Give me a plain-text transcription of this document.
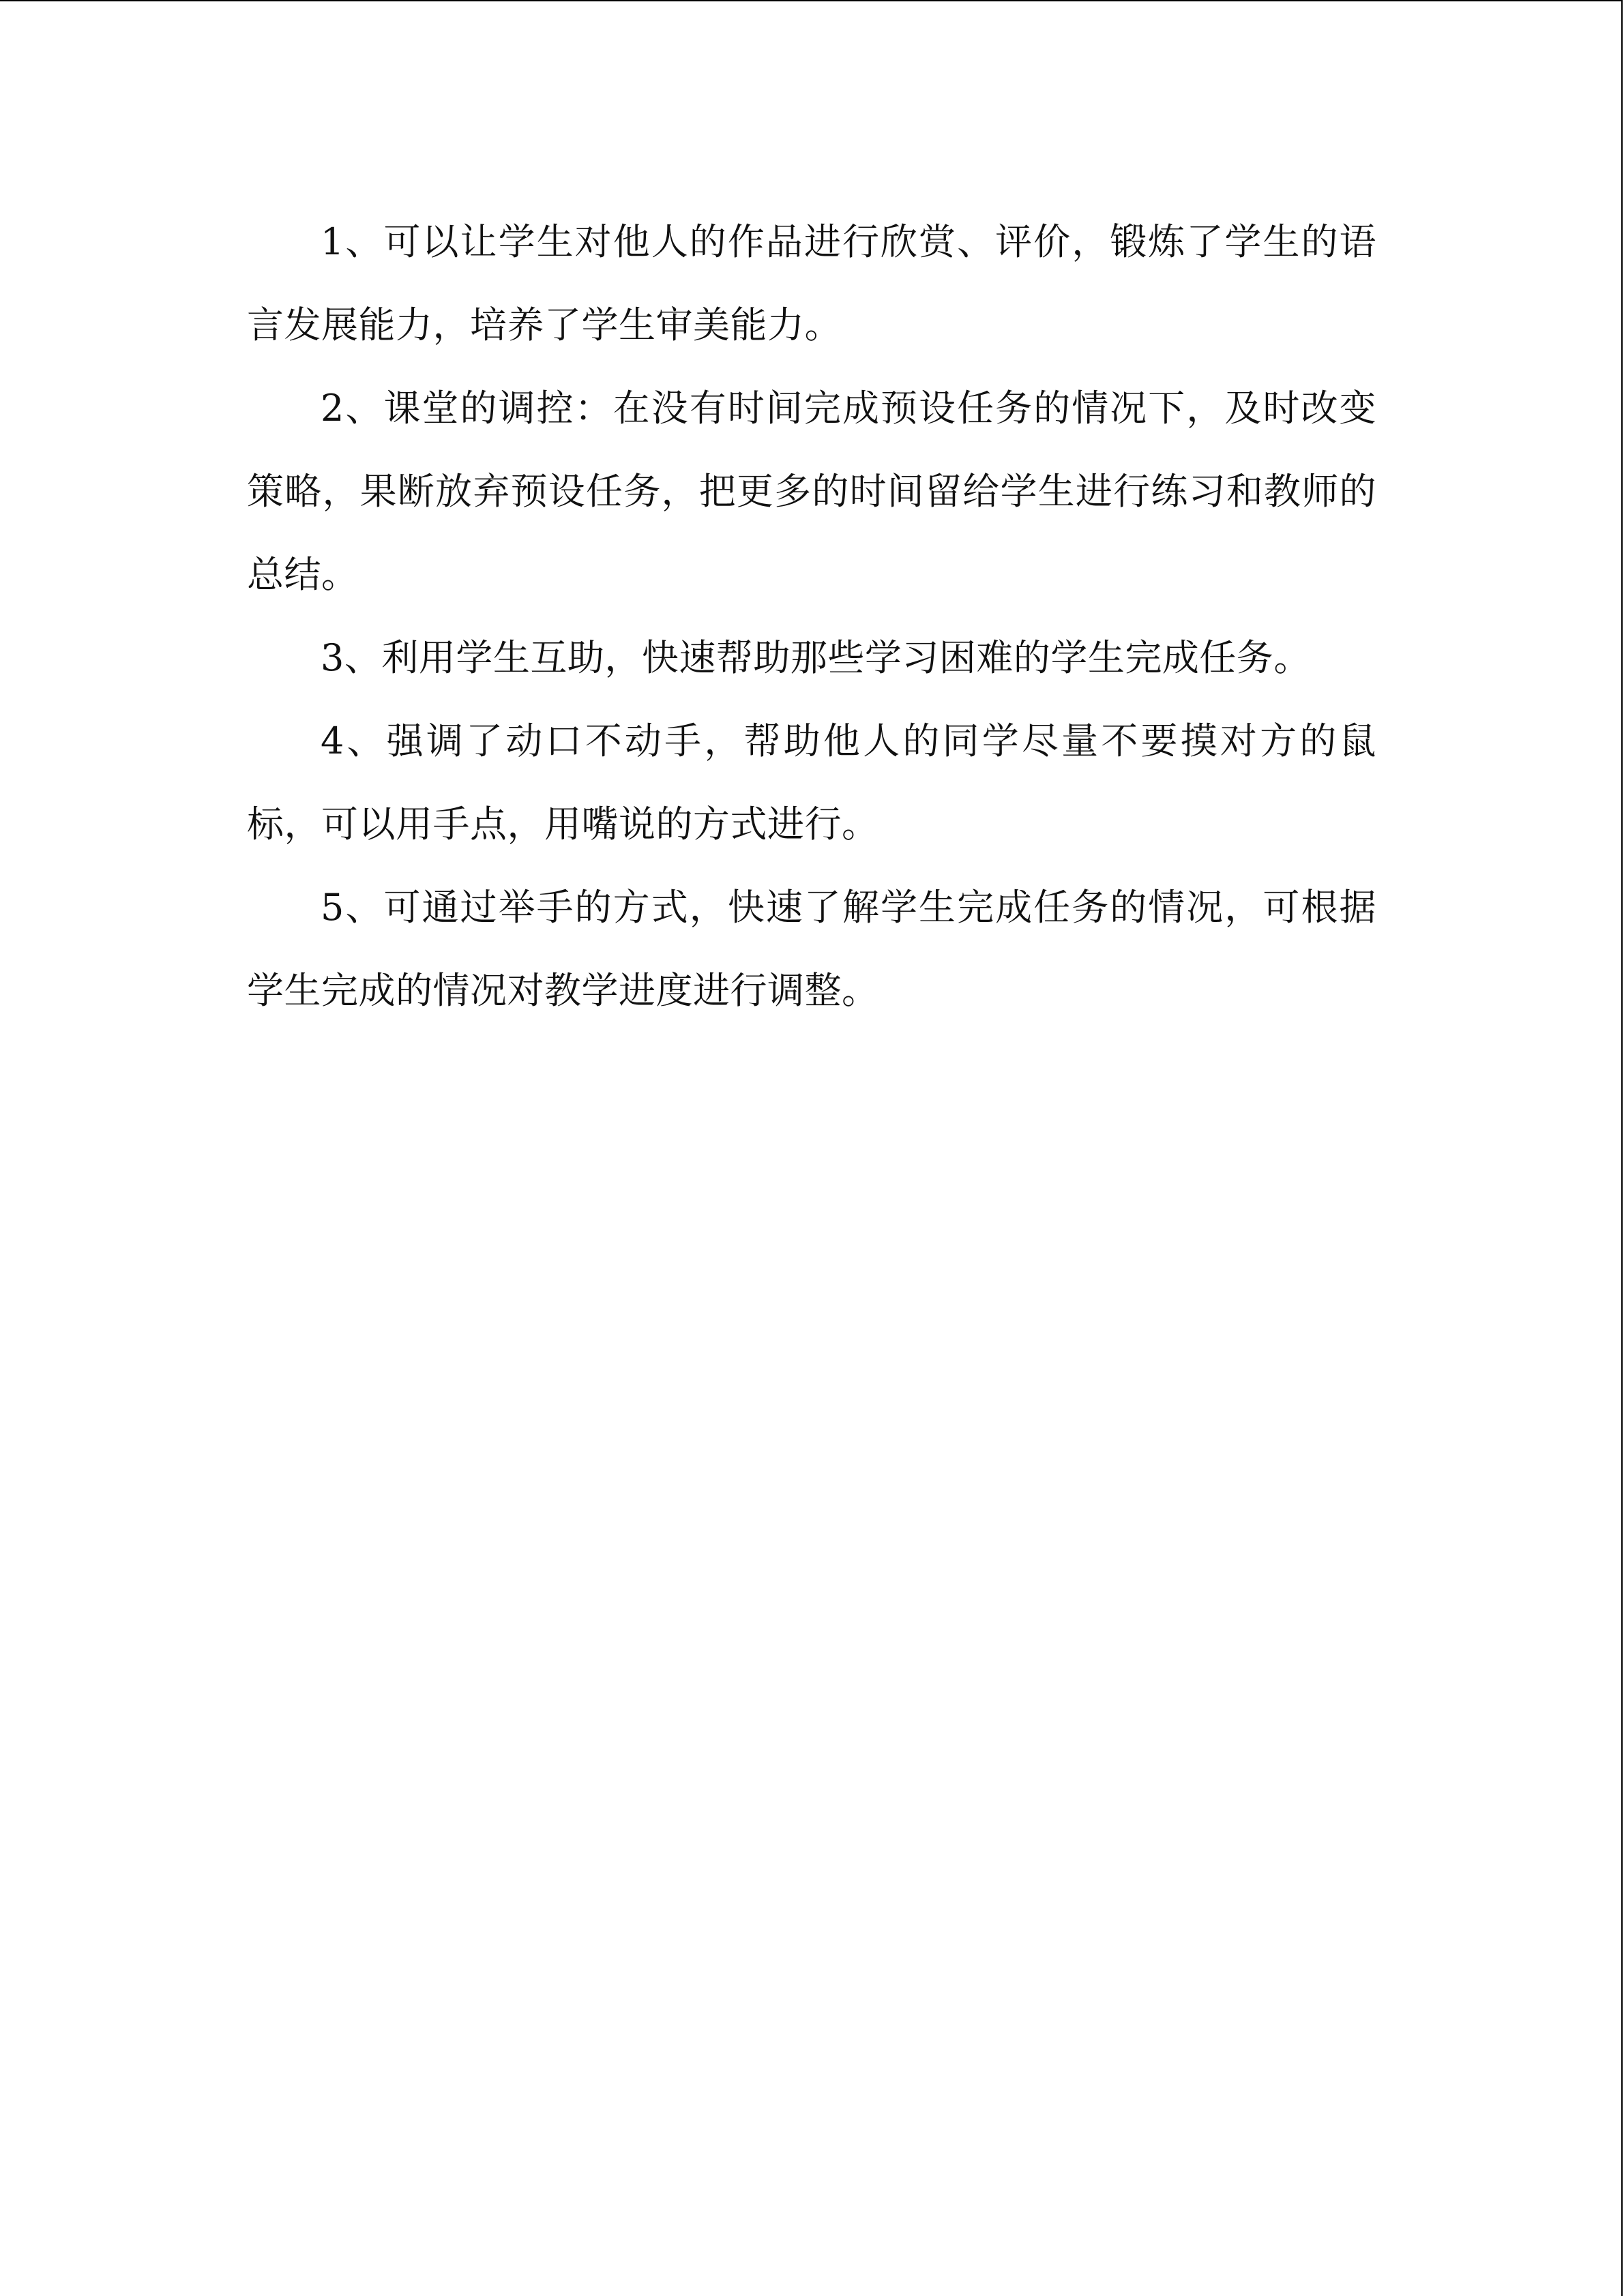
1、可以让学生对他人的作品进行欣赏、评价，锻炼了学生的语言发展能力，培养了学生审美能力。

2、课堂的调控：在没有时间完成预设任务的情况下，及时改变策略，果断放弃预设任务，把更多的时间留给学生进行练习和教师的总结。

3、利用学生互助，快速帮助那些学习困难的学生完成任务。

4、强调了动口不动手，帮助他人的同学尽量不要摸对方的鼠标，可以用手点，用嘴说的方式进行。

5、可通过举手的方式，快速了解学生完成任务的情况，可根据学生完成的情况对教学进度进行调整。
